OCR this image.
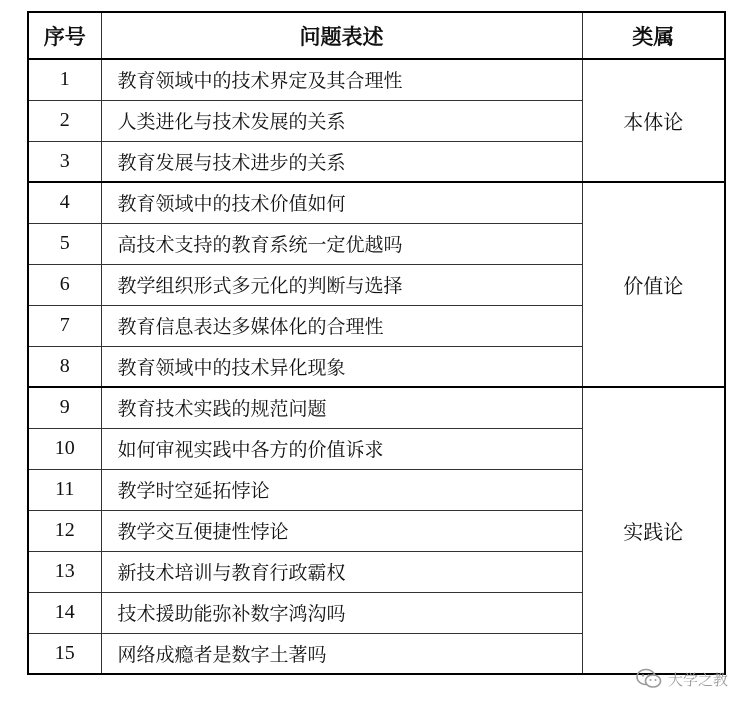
序号	问题表述	类属
1	教育领域中的技术界定及其合理性	本体论
2	人类进化与技术发展的关系	
3	教育发展与技术进步的关系	
4	教育领域中的技术价值如何	价值论
5	高技术支持的教育系统一定优越吗	
6	教学组织形式多元化的判断与选择	
7	教育信息表达多媒体化的合理性	
8	教育领域中的技术异化现象	
9	教育技术实践的规范问题	实践论
10	如何审视实践中各方的价值诉求	
11	教学时空延拓悖论	
12	教学交互便捷性悖论	
13	新技术培训与教育行政霸权	
14	技术援助能弥补数字鸿沟吗	
15	网络成瘾者是数字土著吗	
大学之教
